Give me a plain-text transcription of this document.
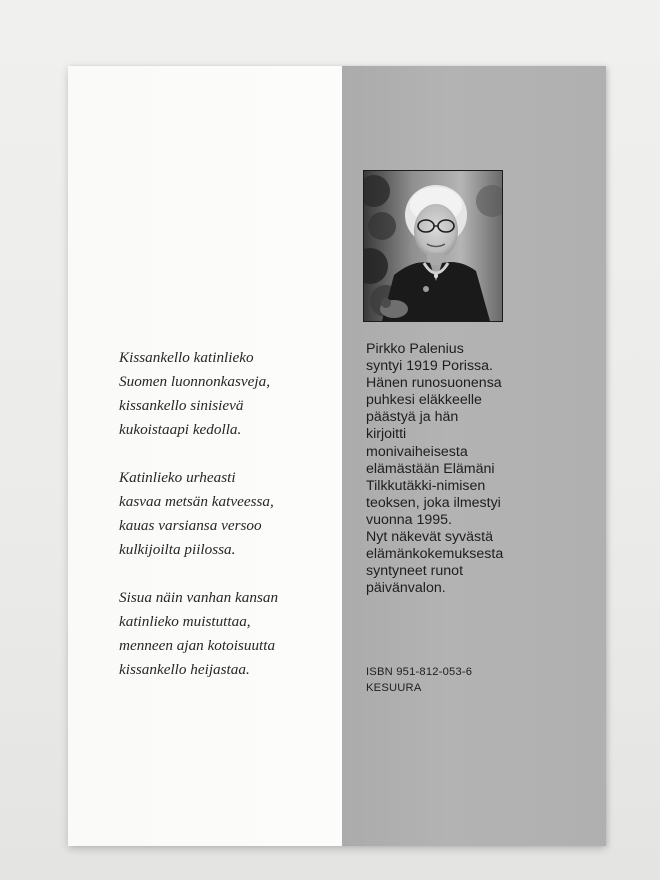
Kissankello katinlieko
Suomen luonnonkasveja,
kissankello sinisievä
kukoistaapi kedolla.
Katinlieko urheasti
kasvaa metsän katveessa,
kauas varsiansa versoo
kulkijoilta piilossa.
Sisua näin vanhan kansan
katinlieko muistuttaa,
menneen ajan kotoisuutta
kissankello heijastaa.
Pirkko Palenius
syntyi 1919 Porissa.
Hänen runosuonensa
puhkesi eläkkeelle
päästyä ja hän
kirjoitti
monivaiheisesta
elämästään Elämäni
Tilkkutäkki-nimisen
teoksen, joka ilmestyi
vuonna 1995.
Nyt näkevät syvästä
elämänkokemuksesta
syntyneet runot
päivänvalon.
ISBN 951-812-053-6
KESUURA
